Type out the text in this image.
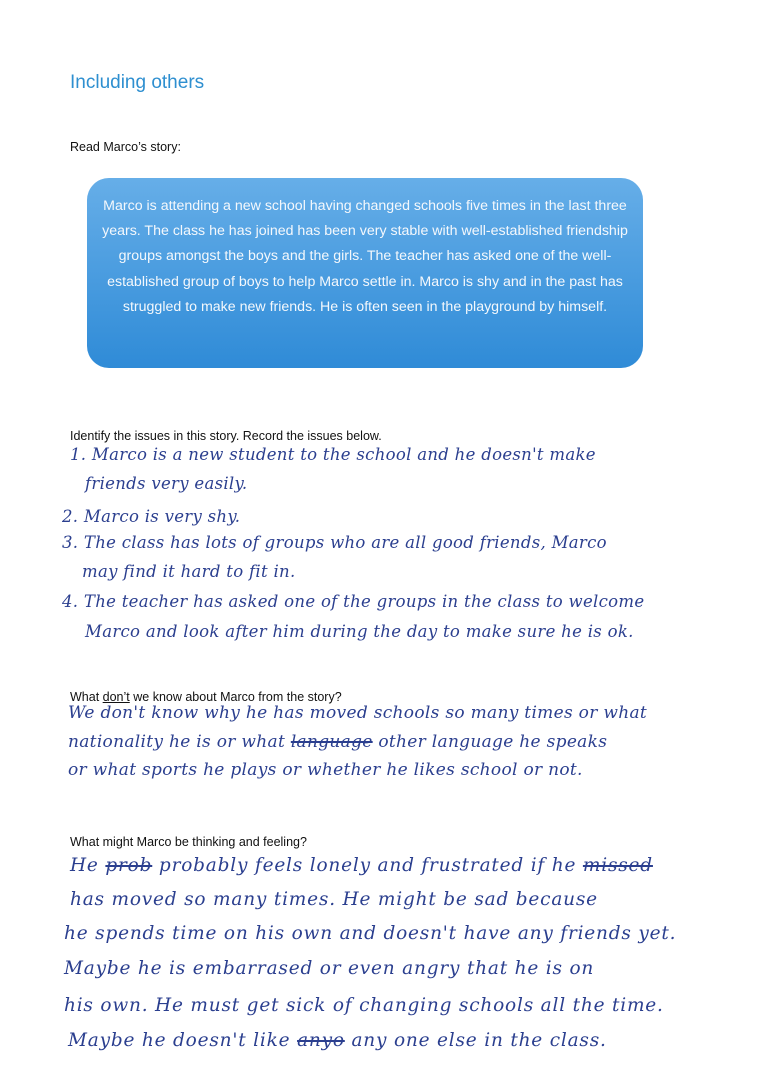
Including others
Read Marco’s story:

Marco is attending a new school having changed schools five times in the last three years. The class he has joined has been very stable with well-established friendship groups amongst the boys and the girls. The teacher has asked one of the well-established group of boys to help Marco settle in. Marco is shy and in the past has struggled to make new friends. He is often seen in the playground by himself.

Identify the issues in this story. Record the issues below.
1. Marco is a new student to the school and he doesn't make
friends very easily.
2. Marco is very shy.
3. The class has lots of groups who are all good friends, Marco
may find it hard to fit in.
4. The teacher has asked one of the groups in the class to welcome
Marco and look after him during the day to make sure he is ok.
What don’t we know about Marco from the story?
We don't know why he has moved schools so many times or what
nationality he is or what language other language he speaks
or what sports he plays or whether he likes school or not.
What might Marco be thinking and feeling?
He prob probably feels lonely and frustrated if he missed
has moved so many times. He might be sad because
he spends time on his own and doesn't have any friends yet.
Maybe he is embarrased or even angry that he is on
his own. He must get sick of changing schools all the time.
Maybe he doesn't like anyo any one else in the class.
